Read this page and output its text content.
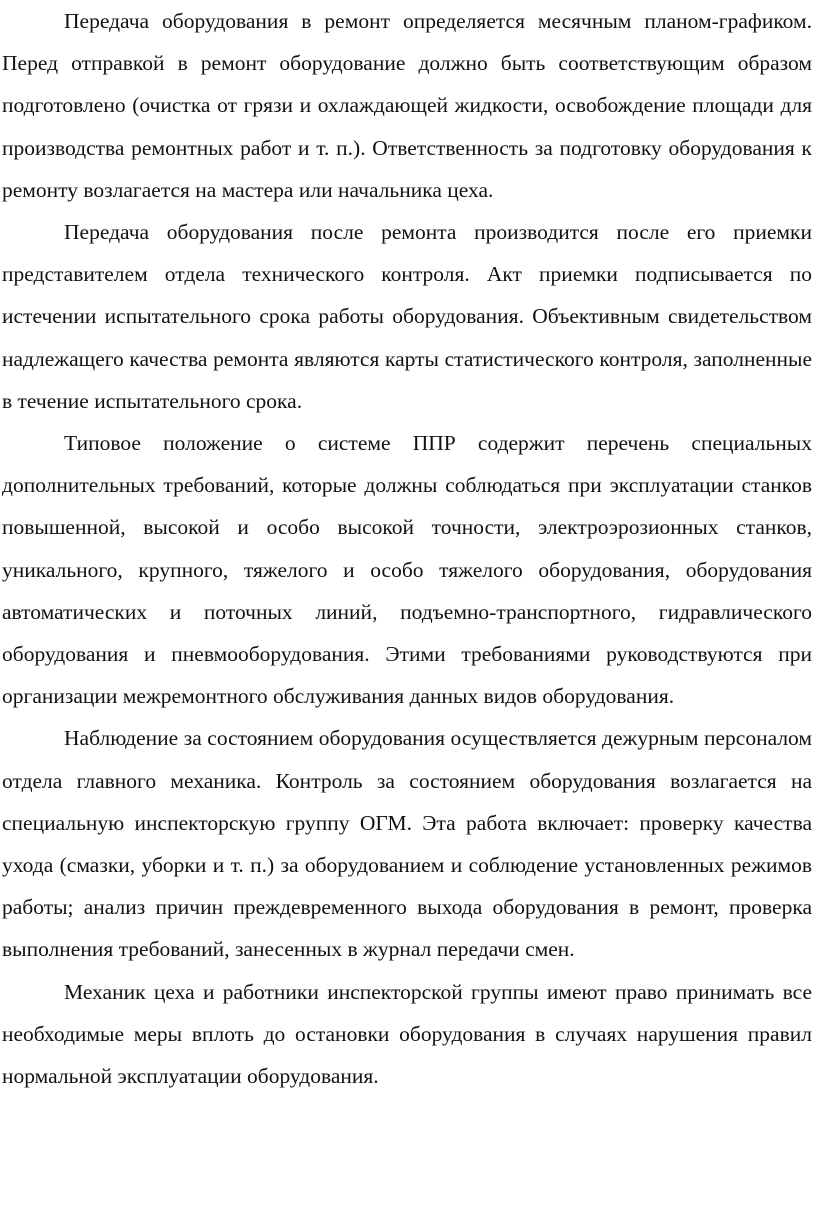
Передача оборудования в ремонт определяется месячным планом-графиком. Перед отправкой в ремонт оборудование должно быть соответствующим образом подготовлено (очистка от грязи и охлаждающей жидкости, освобождение площади для производства ремонтных работ и т. п.). Ответственность за подготовку оборудования к ремонту возлагается на мастера или начальника цеха.

Передача оборудования после ремонта производится после его приемки представителем отдела технического контроля. Акт приемки подписывается по истечении испытательного срока работы оборудования. Объективным свидетельством надлежащего качества ремонта являются карты статистического контроля, заполненные в течение испытательного срока.

Типовое положение о системе ППР содержит перечень специальных дополнительных требований, которые должны соблюдаться при эксплуатации станков повышенной, высокой и особо высокой точности, электроэрозионных станков, уникального, крупного, тяжелого и особо тяжелого оборудования, оборудования автоматических и поточных линий, подъемно-транспортного, гидравлического оборудования и пневмооборудования. Этими требованиями руководствуются при организации межремонтного обслуживания данных видов оборудования.

Наблюдение за состоянием оборудования осуществляется дежурным персоналом отдела главного механика. Контроль за состоянием оборудования возлагается на специальную инспекторскую группу ОГМ. Эта работа включает: проверку качества ухода (смазки, уборки и т. п.) за оборудованием и соблюдение установленных режимов работы; анализ причин преждевременного выхода оборудования в ремонт, проверка выполнения требований, занесенных в журнал передачи смен.

Механик цеха и работники инспекторской группы имеют право принимать все необходимые меры вплоть до остановки оборудования в случаях нарушения правил нормальной эксплуатации оборудования.
